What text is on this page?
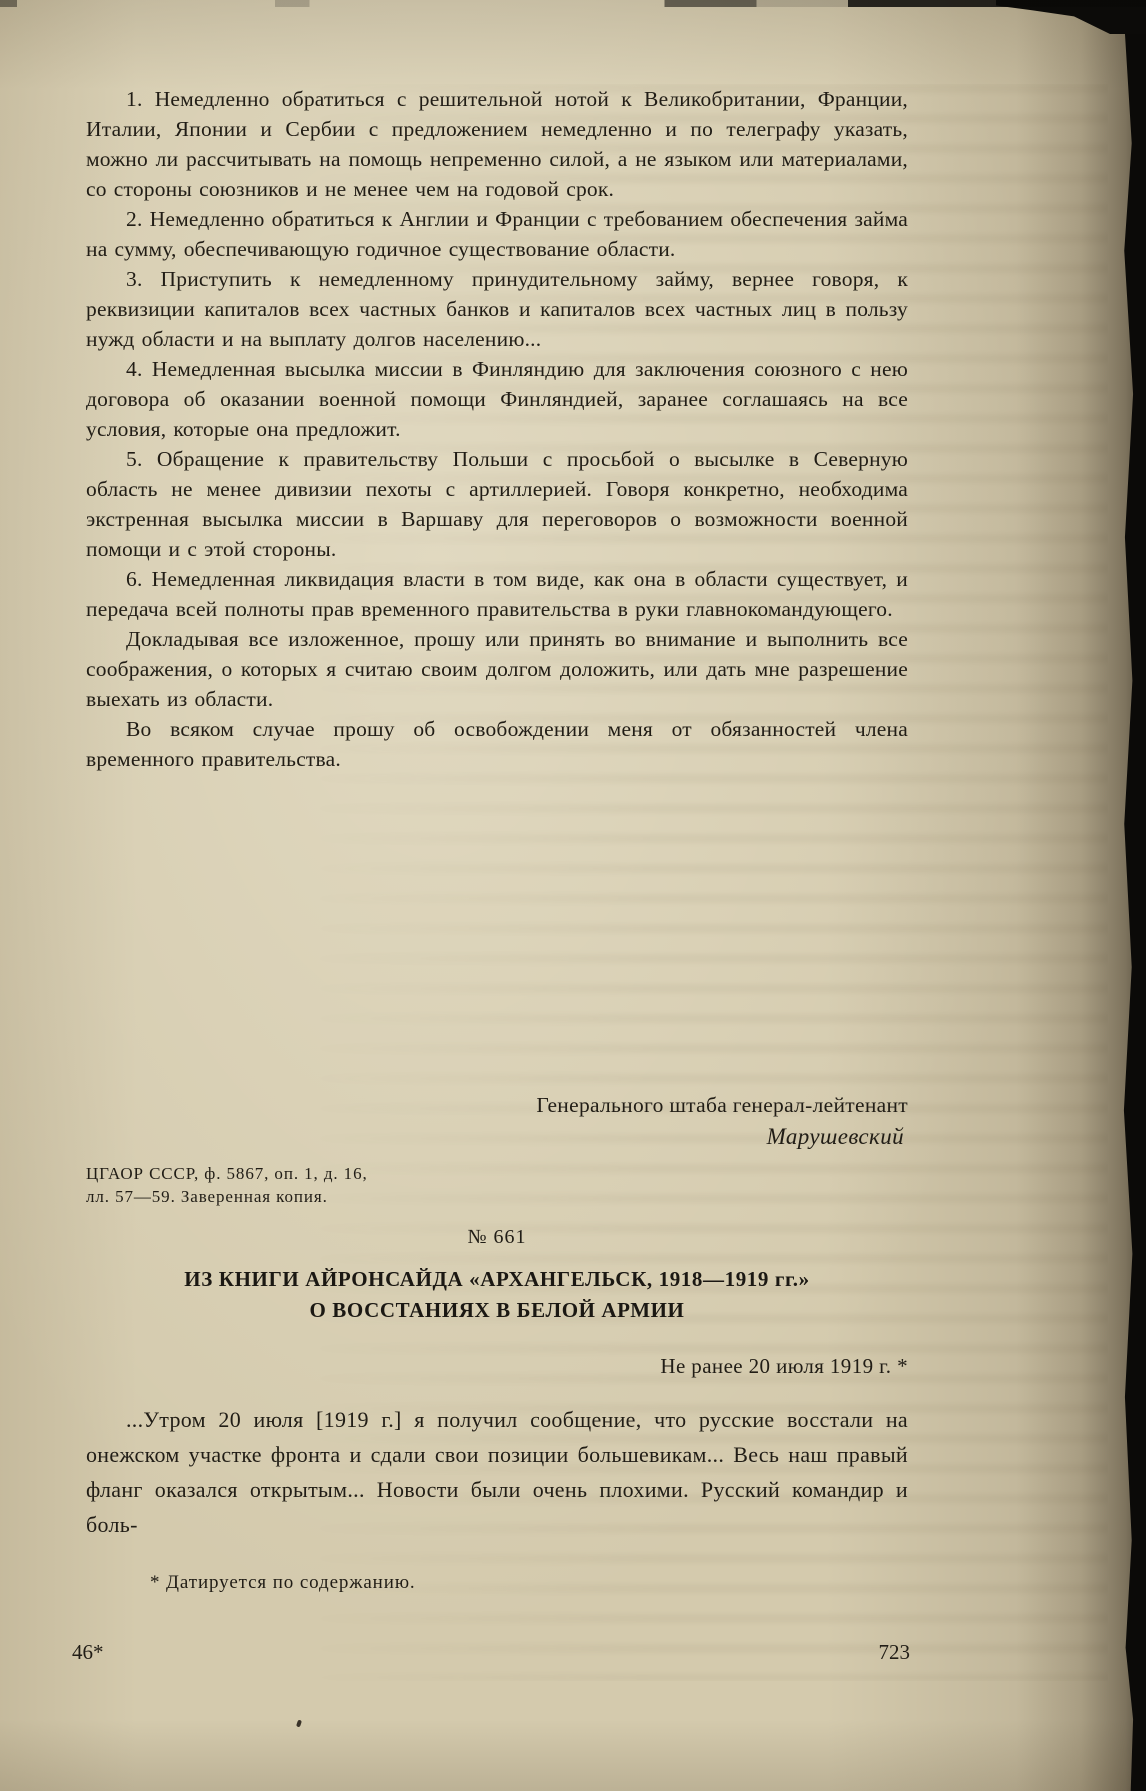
1. Немедленно обратиться с решительной нотой к Великобритании, Франции, Италии, Японии и Сербии с предложением немедленно и по телеграфу указать, можно ли рассчитывать на помощь непременно силой, а не языком или материалами, со стороны союзников и не менее чем на годовой срок.

2. Немедленно обратиться к Англии и Франции с требованием обеспечения займа на сумму, обеспечивающую годичное существование области.

3. Приступить к немедленному принудительному займу, вернее говоря, к реквизиции капиталов всех частных банков и капиталов всех частных лиц в пользу нужд области и на выплату долгов населению...

4. Немедленная высылка миссии в Финляндию для заключения союзного с нею договора об оказании военной помощи Финляндией, заранее соглашаясь на все условия, которые она предложит.

5. Обращение к правительству Польши с просьбой о высылке в Северную область не менее дивизии пехоты с артиллерией. Говоря конкретно, необходима экстренная высылка миссии в Варшаву для переговоров о возможности военной помощи и с этой стороны.

6. Немедленная ликвидация власти в том виде, как она в области существует, и передача всей полноты прав временного правительства в руки главнокомандующего.

Докладывая все изложенное, прошу или принять во внимание и выполнить все соображения, о которых я считаю своим долгом доложить, или дать мне разрешение выехать из области.

Во всяком случае прошу об освобождении меня от обязанностей члена временного правительства.

Генерального штаба генерал-лейтенант
Марушевский
ЦГАОР СССР, ф. 5867, оп. 1, д. 16,
лл. 57—59. Заверенная копия.
№ 661
ИЗ КНИГИ АЙРОНСАЙДА «АРХАНГЕЛЬСК, 1918—1919 гг.»
О ВОССТАНИЯХ В БЕЛОЙ АРМИИ
Не ранее 20 июля 1919 г. *

...Утром 20 июля [1919 г.] я получил сообщение, что русские восстали на онежском участке фронта и сдали свои позиции большевикам... Весь наш правый фланг оказался открытым... Новости были очень плохими. Русский командир и боль-

* Датируется по содержанию.
46*	723
